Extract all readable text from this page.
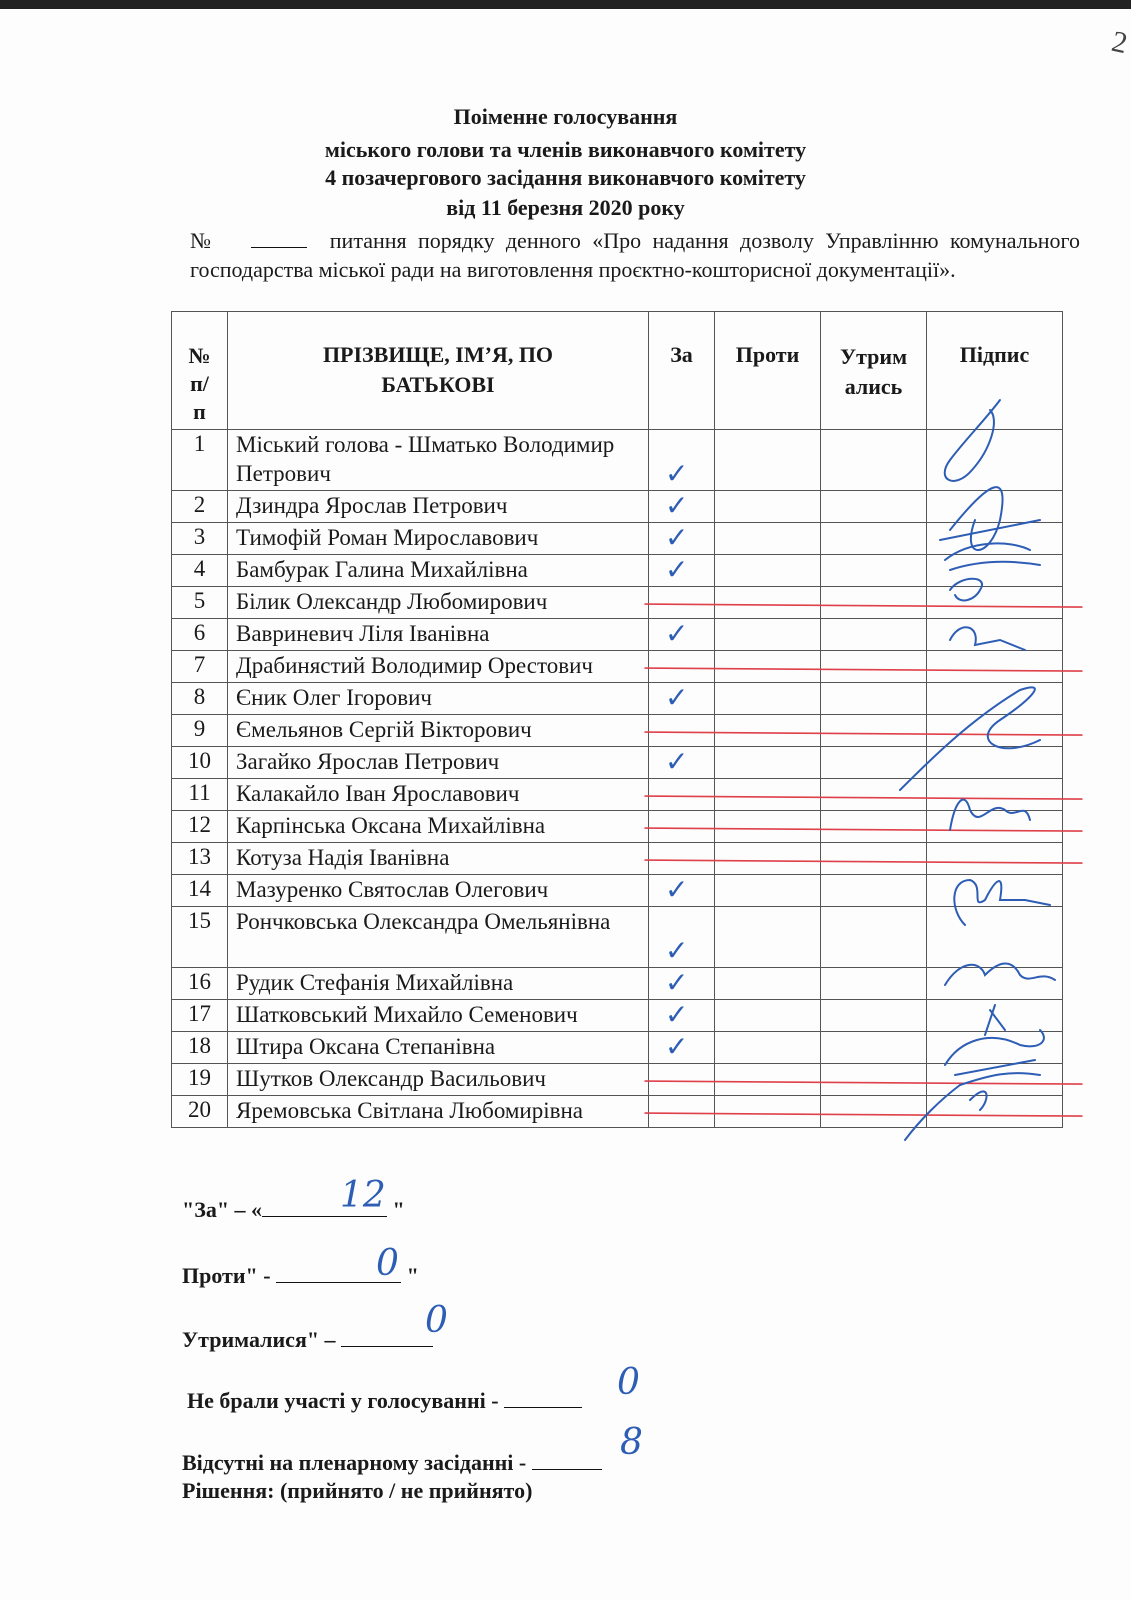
2
Поіменне голосування
міського голови та членів виконавчого комітету
4 позачергового засідання виконавчого комітету
від 11 березня 2020 року
№	питання порядку денного «Про надання дозволу Управлінню комунального господарства міської ради на виготовлення проєктно-кошторисної документації».
№
п/
п	ПРІЗВИЩЕ, ІМ’Я, ПО
БАТЬКОВІ	За	Проти	Утрим
ались	Підпис
1	Міський голова - Шматько Володимир Петрович	✓			

2	Дзиндра Ярослав Петрович	✓			

3	Тимофій Роман Мирославович	✓			

4	Бамбурак Галина Михайлівна	✓			

5	Білик Олександр Любомирович				
6	Вавриневич Ліля Іванівна	✓			

7	Драбинястий Володимир Орестович				
8	Єник Олег Ігорович	✓			

9	Ємельянов Сергій Вікторович				
10	Загайко Ярослав Петрович	✓			

11	Калакайло Іван Ярославович				
12	Карпінська Оксана Михайлівна				
13	Котуза Надія Іванівна				
14	Мазуренко Святослав Олегович	✓			

15	Рончковська Олександра Омельянівна	✓			

16	Рудик Стефанія Михайлівна	✓			

17	Шатковський Михайло Семенович	✓			

18	Штира Оксана Степанівна	✓			

19	Шутков Олександр Васильович				
20	Яремовська Світлана Любомирівна				
"За" – «	"
12
Проти" -	"
0
Утрималися" –	0
Не брали участі у голосуванні -	0
Відсутні на пленарному засіданні -	8
Рішення: (прийнято / не прийнято)
